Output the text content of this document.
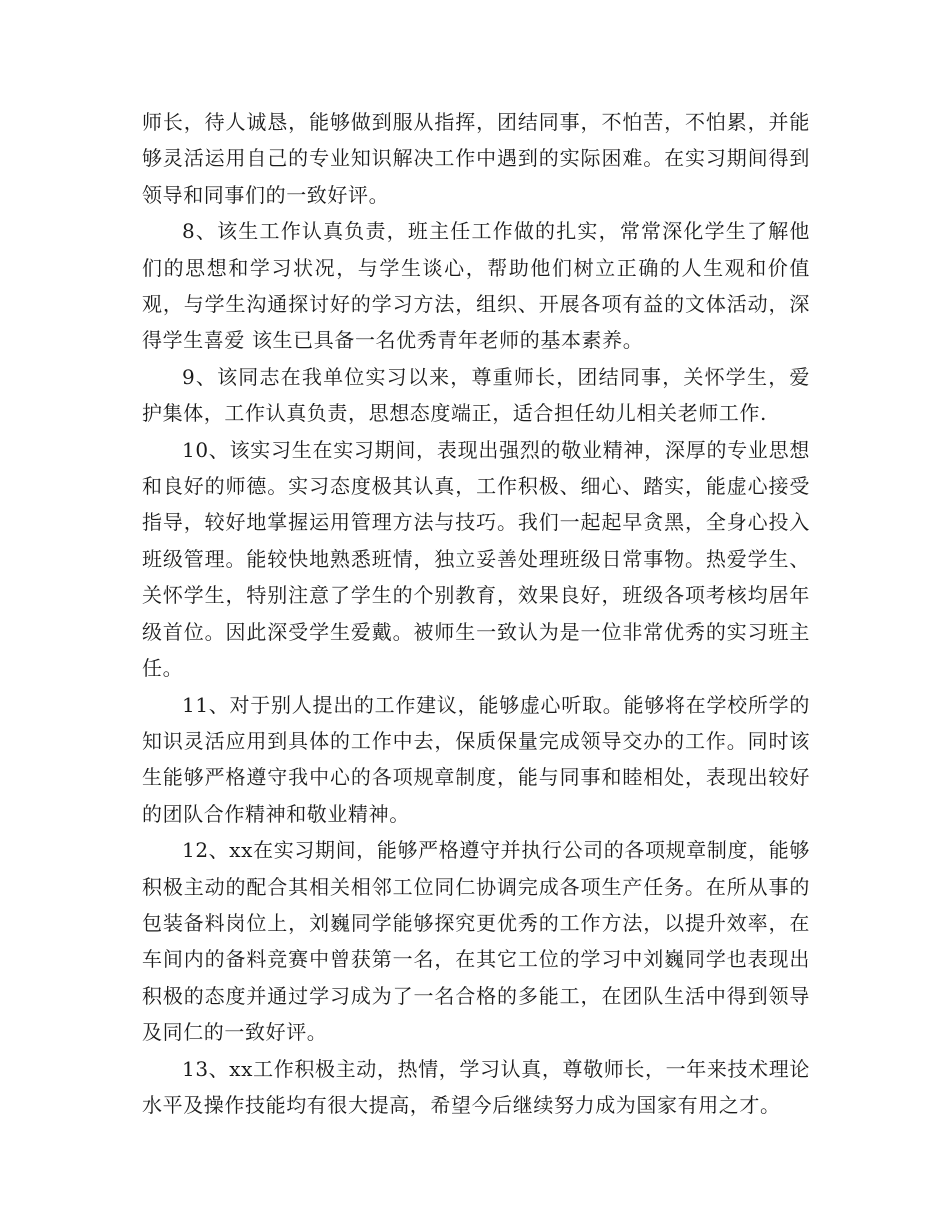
师长，待人诚恳，能够做到服从指挥，团结同事，不怕苦，不怕累，并能够灵活运用自己的专业知识解决工作中遇到的实际困难。在实习期间得到领导和同事们的一致好评。

8、该生工作认真负责，班主任工作做的扎实，常常深化学生了解他们的思想和学习状况，与学生谈心，帮助他们树立正确的人生观和价值观，与学生沟通探讨好的学习方法，组织、开展各项有益的文体活动，深得学生喜爱 该生已具备一名优秀青年老师的基本素养。

9、该同志在我单位实习以来，尊重师长，团结同事，关怀学生，爱护集体，工作认真负责，思想态度端正，适合担任幼儿相关老师工作.

10、该实习生在实习期间，表现出强烈的敬业精神，深厚的专业思想和良好的师德。实习态度极其认真，工作积极、细心、踏实，能虚心接受指导，较好地掌握运用管理方法与技巧。我们一起起早贪黑，全身心投入班级管理。能较快地熟悉班情，独立妥善处理班级日常事物。热爱学生、关怀学生，特别注意了学生的个别教育，效果良好，班级各项考核均居年级首位。因此深受学生爱戴。被师生一致认为是一位非常优秀的实习班主任。

11、对于别人提出的工作建议，能够虚心听取。能够将在学校所学的知识灵活应用到具体的工作中去，保质保量完成领导交办的工作。同时该生能够严格遵守我中心的各项规章制度，能与同事和睦相处，表现出较好的团队合作精神和敬业精神。

12、xx在实习期间，能够严格遵守并执行公司的各项规章制度，能够积极主动的配合其相关相邻工位同仁协调完成各项生产任务。在所从事的包装备料岗位上，刘巍同学能够探究更优秀的工作方法，以提升效率，在车间内的备料竞赛中曾获第一名，在其它工位的学习中刘巍同学也表现出积极的态度并通过学习成为了一名合格的多能工，在团队生活中得到领导及同仁的一致好评。

13、xx工作积极主动，热情，学习认真，尊敬师长，一年来技术理论水平及操作技能均有很大提高，希望今后继续努力成为国家有用之才。
